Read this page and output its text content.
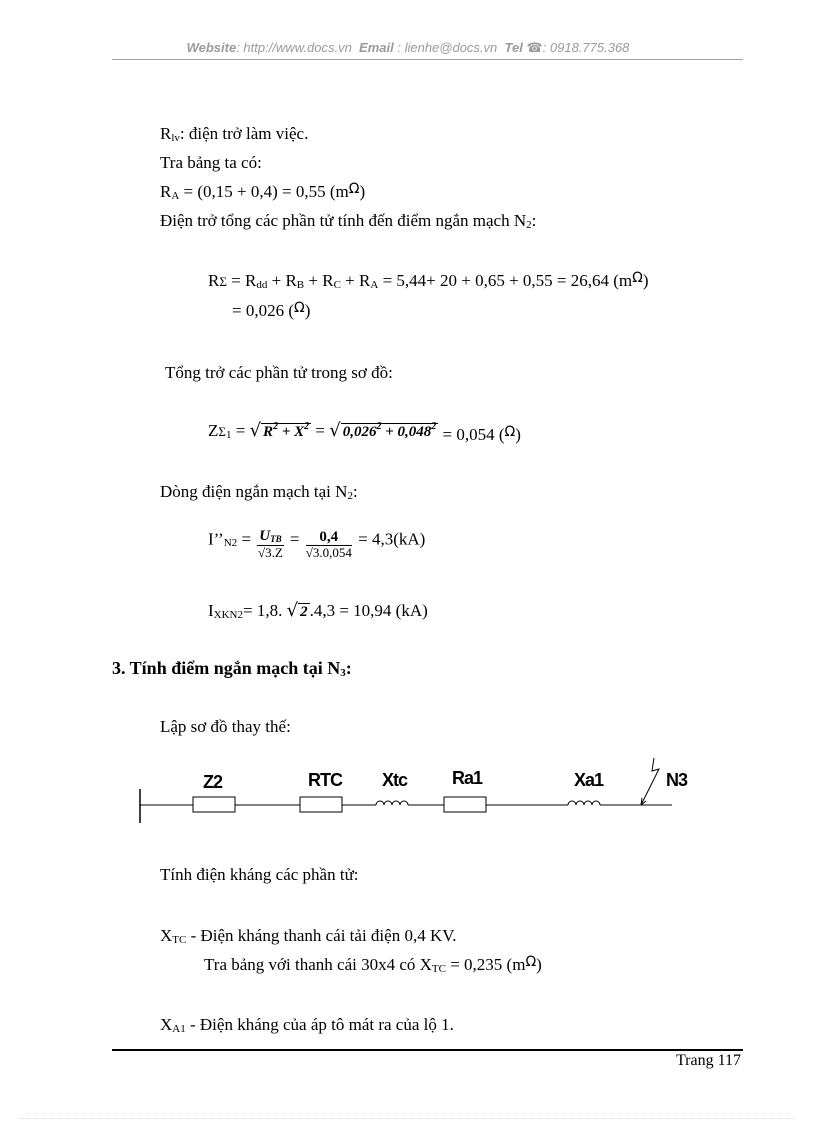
Website: http://www.docs.vn Email : lienhe@docs.vn Tel ☎: 0918.775.368
Rlv: điện trở làm việc.
Tra bảng ta có:
RA = (0,15 + 0,4) = 0,55 $(m^\Omega)$
Điện trở tổng các phần tử tính đến điểm ngắn mạch N2:
RΣ = Rdd + RB + RC + RA = 5,44+ 20 + 0,65 + 0,55 = 26,64 $(m^\Omega)$
= 0,026 ($^\Omega$)
Tổng trở các phần tử trong sơ đồ:
ZΣ1 = √ $R^2 + X^2$ = √ $0,026^2 + 0,048^2 = 0,054$ ($^\Omega$)
Dòng điện ngắn mạch tại N2:
I’’N2 = $\frac{\text{UTB}}{√3.Z} = \frac{0,4}{√3.0,054} = 4,3(kA)$
IXKN2= 1,8. √ 2 .4,3 = 10,94 (kA)
3. Tính điểm ngắn mạch tại N3:
Lập sơ đồ thay thế:
Z2	RTC Xtc Ra1	Xa1	N3
Tính điện kháng các phần tử:
XTC - Điện kháng thanh cái tải điện 0,4 KV.
Tra bảng với thanh cái 30x4 có XTC = 0,235 $(m^\Omega)$
XA1 - Điện kháng của áp tô mát ra của lộ 1.
Trang 117
